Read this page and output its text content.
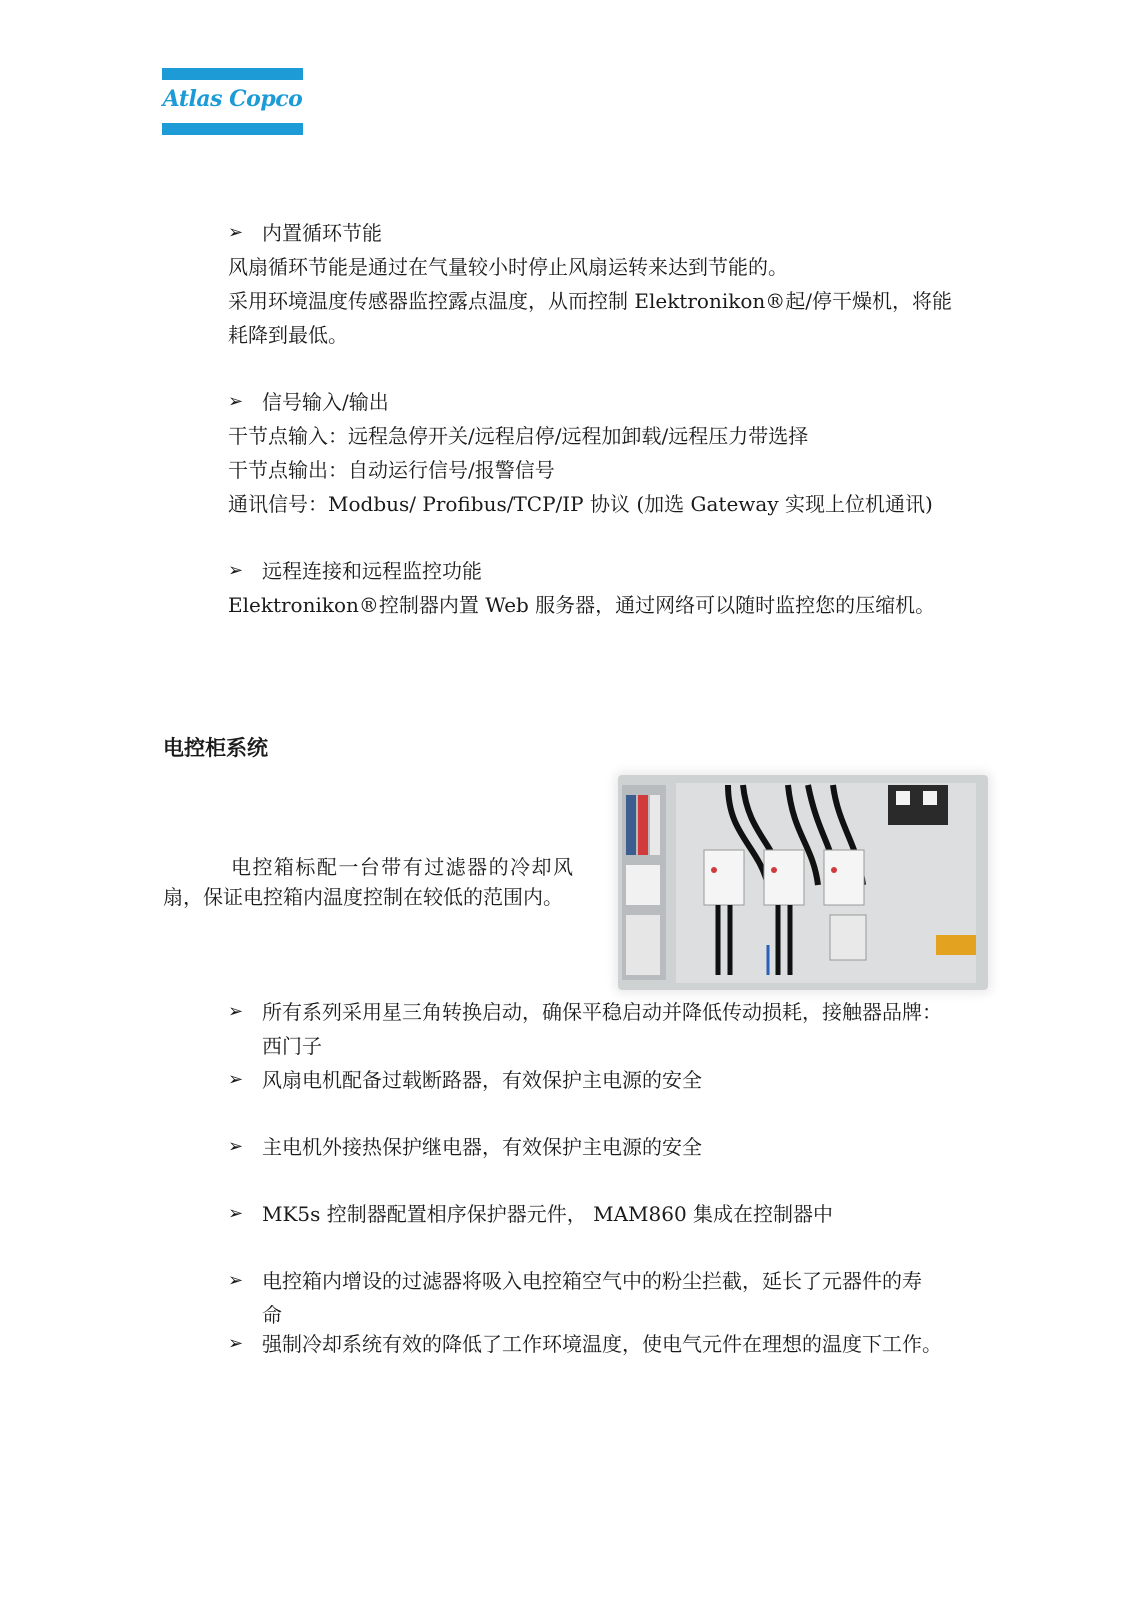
Atlas Copco
➢ 内置循环节能
风扇循环节能是通过在气量较小时停止风扇运转来达到节能的。
采用环境温度传感器监控露点温度，从而控制 Elektronikon®起/停干燥机，将能
耗降到最低。
➢ 信号输入/输出
干节点输入：远程急停开关/远程启停/远程加卸载/远程压力带选择
干节点输出：自动运行信号/报警信号
通讯信号：Modbus/ Profibus/TCP/IP 协议 (加选 Gateway 实现上位机通讯)
➢ 远程连接和远程监控功能
Elektronikon®控制器内置 Web 服务器，通过网络可以随时监控您的压缩机。
电控柜系统
电控箱标配一台带有过滤器的冷却风扇，保证电控箱内温度控制在较低的范围内。
➢ 所有系列采用星三角转换启动，确保平稳启动并降低传动损耗，接触器品牌：
西门子
➢ 风扇电机配备过载断路器，有效保护主电源的安全
➢ 主电机外接热保护继电器，有效保护主电源的安全
➢ MK5s 控制器配置相序保护器元件， MAM860 集成在控制器中
➢ 电控箱内增设的过滤器将吸入电控箱空气中的粉尘拦截，延长了元器件的寿
命
➢ 强制冷却系统有效的降低了工作环境温度，使电气元件在理想的温度下工作。
